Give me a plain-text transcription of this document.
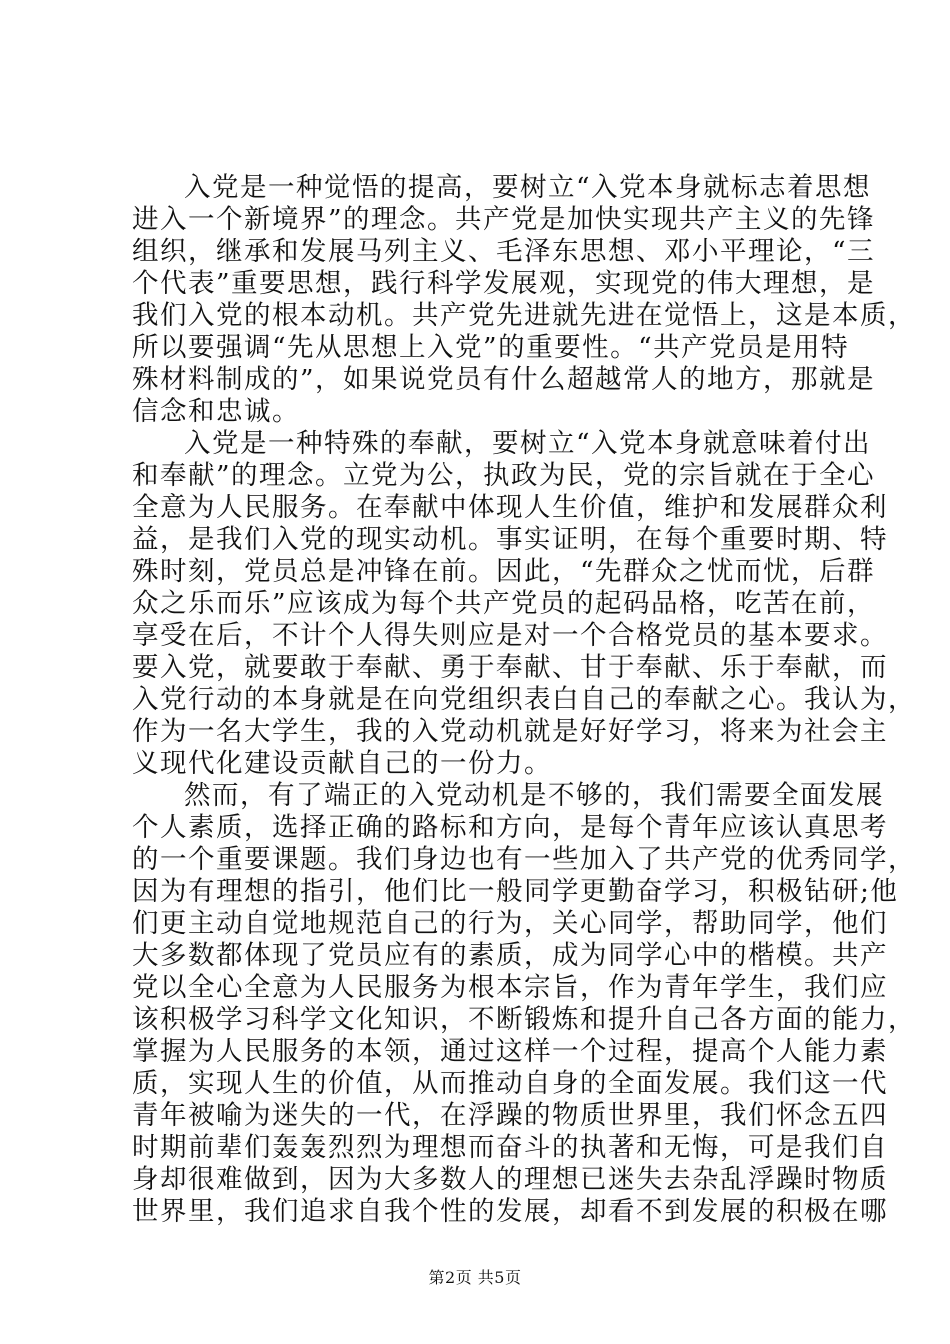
入党是一种觉悟的提高，要树立“入党本身就标志着思想
进入一个新境界”的理念。共产党是加快实现共产主义的先锋
组织，继承和发展马列主义、毛泽东思想、邓小平理论，“三
个代表”重要思想，践行科学发展观，实现党的伟大理想，是
我们入党的根本动机。共产党先进就先进在觉悟上，这是本质，
所以要强调“先从思想上入党”的重要性。“共产党员是用特
殊材料制成的”，如果说党员有什么超越常人的地方，那就是
信念和忠诚。
入党是一种特殊的奉献，要树立“入党本身就意味着付出
和奉献”的理念。立党为公，执政为民，党的宗旨就在于全心
全意为人民服务。在奉献中体现人生价值，维护和发展群众利
益，是我们入党的现实动机。事实证明，在每个重要时期、特
殊时刻，党员总是冲锋在前。因此，“先群众之忧而忧，后群
众之乐而乐”应该成为每个共产党员的起码品格，吃苦在前，
享受在后，不计个人得失则应是对一个合格党员的基本要求。
要入党，就要敢于奉献、勇于奉献、甘于奉献、乐于奉献，而
入党行动的本身就是在向党组织表白自己的奉献之心。我认为，
作为一名大学生，我的入党动机就是好好学习，将来为社会主
义现代化建设贡献自己的一份力。
然而，有了端正的入党动机是不够的，我们需要全面发展
个人素质，选择正确的路标和方向，是每个青年应该认真思考
的一个重要课题。我们身边也有一些加入了共产党的优秀同学，
因为有理想的指引，他们比一般同学更勤奋学习，积极钻研;他
们更主动自觉地规范自己的行为，关心同学，帮助同学，他们
大多数都体现了党员应有的素质，成为同学心中的楷模。共产
党以全心全意为人民服务为根本宗旨，作为青年学生，我们应
该积极学习科学文化知识，不断锻炼和提升自己各方面的能力，
掌握为人民服务的本领，通过这样一个过程，提高个人能力素
质，实现人生的价值，从而推动自身的全面发展。我们这一代
青年被喻为迷失的一代，在浮躁的物质世界里，我们怀念五四
时期前辈们轰轰烈烈为理想而奋斗的执著和无悔，可是我们自
身却很难做到，因为大多数人的理想已迷失去杂乱浮躁时物质
世界里，我们追求自我个性的发展，却看不到发展的积极在哪
第2页 共5页
